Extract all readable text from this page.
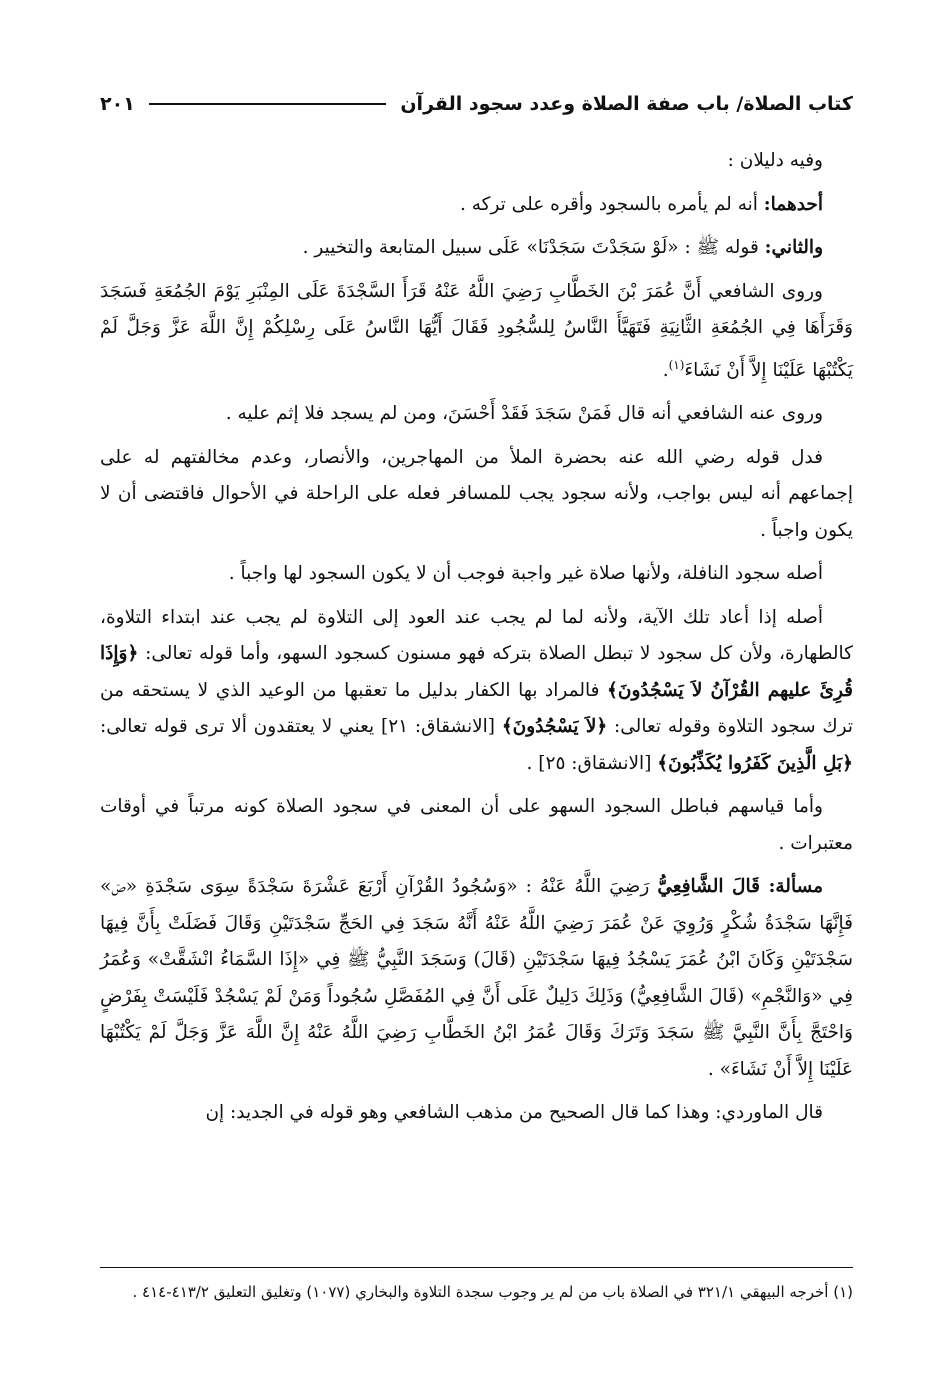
كتاب الصلاة/ باب صفة الصلاة وعدد سجود القرآن
٢٠١

وفيه دليلان :

أحدهما: أنه لم يأمره بالسجود وأقره على تركه .

والثاني: قوله ﷺ : «لَوْ سَجَدْتَ سَجَدْنَا» عَلَى سبيل المتابعة والتخيير .

وروى الشافعي أَنَّ عُمَرَ بْنَ الخَطَّابِ رَضِيَ اللَّهُ عَنْهُ قَرَأَ السَّجْدَةَ عَلَى المِنْبَرِ يَوْمَ الجُمُعَةِ فَسَجَدَ وَقَرَأَهَا فِي الجُمُعَةِ الثَّانِيَةِ فَتَهَيَّأَ النَّاسُ لِلسُّجُودِ فَقَالَ أَيُّهَا النَّاسُ عَلَى رِسْلِكُمْ إِنَّ اللَّهَ عَزَّ وَجَلَّ لَمْ يَكْتُبْهَا عَلَيْنَا إِلاَّ أَنْ نَشَاءَ$^{(١)}$.

وروى عنه الشافعي أنه قال فَمَنْ سَجَدَ فَقَدْ أَحْسَنَ، ومن لم يسجد فلا إثم عليه .

فدل قوله رضي الله عنه بحضرة الملأ من المهاجرين، والأنصار، وعدم مخالفتهم له على إجماعهم أنه ليس بواجب، ولأنه سجود يجب للمسافر فعله على الراحلة في الأحوال فاقتضى أن لا يكون واجباً .

أصله سجود النافلة، ولأنها صلاة غير واجبة فوجب أن لا يكون السجود لها واجباً .

أصله إذا أعاد تلك الآية، ولأنه لما لم يجب عند العود إلى التلاوة لم يجب عند ابتداء التلاوة، كالطهارة، ولأن كل سجود لا تبطل الصلاة بتركه فهو مسنون كسجود السهو، وأما قوله تعالى: ﴿وَإِذَا قُرِئَ عليهم القُرْآنُ لاَ يَسْجُدُونَ﴾ فالمراد بها الكفار بدليل ما تعقبها من الوعيد الذي لا يستحقه من ترك سجود التلاوة وقوله تعالى: ﴿لاَ يَسْجُدُونَ﴾ [الانشقاق: ٢١] يعني لا يعتقدون ألا ترى قوله تعالى: ﴿بَلِ الَّذِينَ كَفَرُوا يُكَذِّبُونَ﴾ [الانشقاق: ٢٥] .

وأما قياسهم فباطل السجود السهو على أن المعنى في سجود الصلاة كونه مرتباً في أوقات معتبرات .

مسألة: قَالَ الشَّافِعِيُّ رَضِيَ اللَّهُ عَنْهُ : «وَسُجُودُ القُرْآنِ أَرْبَعَ عَشْرَةَ سَجْدَةً سِوَى سَجْدَةِ «صۤ» فَإِنَّهَا سَجْدَةُ شُكْرٍ وَرُوِيَ عَنْ عُمَرَ رَضِيَ اللَّهُ عَنْهُ أَنَّهُ سَجَدَ فِي الحَجِّ سَجْدَتَيْنِ وَقَالَ فَضَلَتْ بِأَنَّ فِيهَا سَجْدَتَيْنِ وَكَانَ ابْنُ عُمَرَ يَسْجُدُ فِيهَا سَجْدَتَيْنِ (قَالَ) وَسَجَدَ النَّبِيُّ ﷺ فِي «إِذَا السَّمَاءُ انْشَقَّتْ» وَعُمَرُ فِي «وَالنَّجْمِ» (قَالَ الشَّافِعِيُّ) وَذَلِكَ دَلِيلٌ عَلَى أَنَّ فِي المُفَصَّلِ سُجُوداً وَمَنْ لَمْ يَسْجُدْ فَلَيْسَتْ بِفَرْضٍ وَاحْتَجَّ بِأَنَّ النَّبِيَّ ﷺ سَجَدَ وَتَرَكَ وَقَالَ عُمَرُ ابْنُ الخَطَّابِ رَضِيَ اللَّهُ عَنْهُ إِنَّ اللَّهَ عَزَّ وَجَلَّ لَمْ يَكْتُبْهَا عَلَيْنَا إِلاَّ أَنْ نَشَاءَ» .

قال الماوردي: وهذا كما قال الصحيح من مذهب الشافعي وهو قوله في الجديد: إن

(١) أخرجه البيهقي ٣٢١/١ في الصلاة باب من لم ير وجوب سجدة التلاوة والبخاري (١٠٧٧) وتغليق التعليق ٤١٣/٢-٤١٤ .
